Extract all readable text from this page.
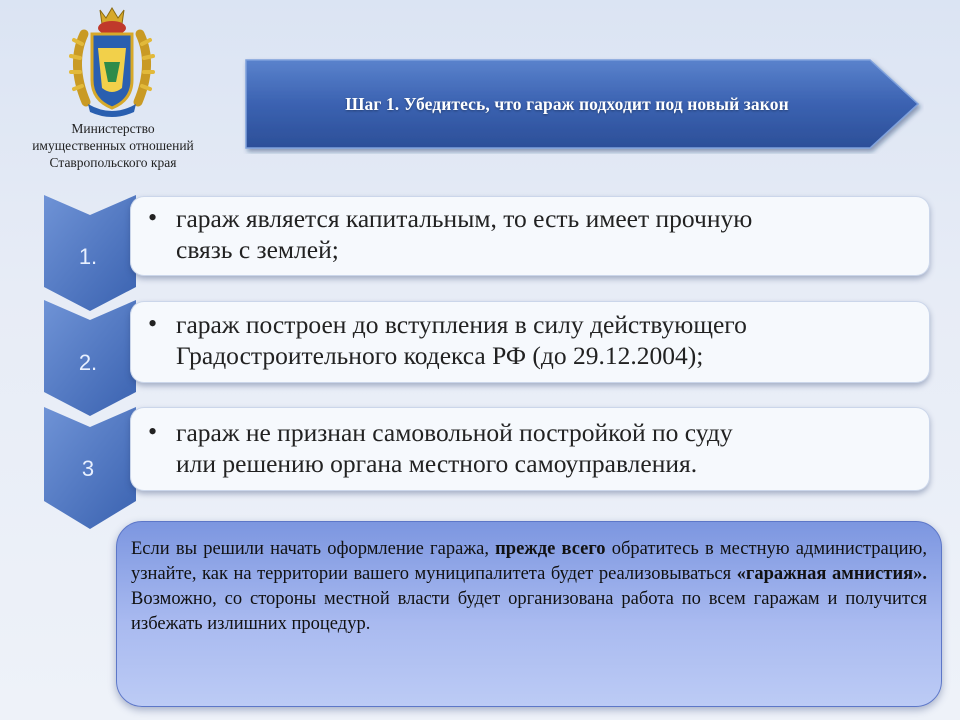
Министерство
имущественных отношений
Ставропольского края
Шаг 1. Убедитесь, что гараж подходит под новый закон
1.
2.
3
• гараж является капитальным, то есть имеет прочную
связь с землей;
• гараж построен до вступления в силу действующего
Градостроительного кодекса РФ (до 29.12.2004);
• гараж не признан самовольной постройкой по суду
или решению органа местного самоуправления.
Если вы решили начать оформление гаража, прежде всего обратитесь в местную администрацию, узнайте, как на территории вашего муниципалитета будет реализовываться «гаражная амнистия». Возможно, со стороны местной власти будет организована работа по всем гаражам и получится избежать излишних процедур.
